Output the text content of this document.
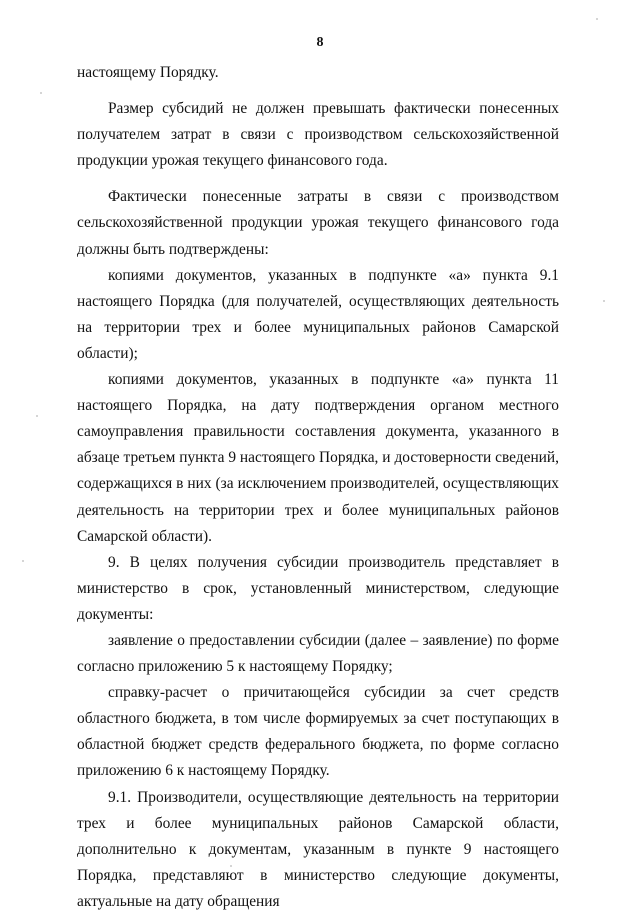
8

настоящему Порядку.

Размер субсидий не должен превышать фактически понесенных получателем затрат в связи с производством сельскохозяйственной продукции урожая текущего финансового года.

Фактически понесенные затраты в связи с производством сельскохозяйственной продукции урожая текущего финансового года должны быть подтверждены:

копиями документов, указанных в подпункте «а» пункта 9.1 настоящего Порядка (для получателей, осуществляющих деятельность на территории трех и более муниципальных районов Самарской области);

копиями документов, указанных в подпункте «а» пункта 11 настоящего Порядка, на дату подтверждения органом местного самоуправления правильности составления документа, указанного в абзаце третьем пункта 9 настоящего Порядка, и достоверности сведений, содержащихся в них (за исключением производителей, осуществляющих деятельность на территории трех и более муниципальных районов Самарской области).

9. В целях получения субсидии производитель представляет в министерство в срок, установленный министерством, следующие документы:

заявление о предоставлении субсидии (далее – заявление) по форме согласно приложению 5 к настоящему Порядку;

справку-расчет о причитающейся субсидии за счет средств областного бюджета, в том числе формируемых за счет поступающих в областной бюджет средств федерального бюджета, по форме согласно приложению 6 к настоящему Порядку.

9.1. Производители, осуществляющие деятельность на территории трех и более муниципальных районов Самарской области, дополнительно к документам, указанным в пункте 9 настоящего Порядка, представляют в министерство следующие документы, актуальные на дату обращения
